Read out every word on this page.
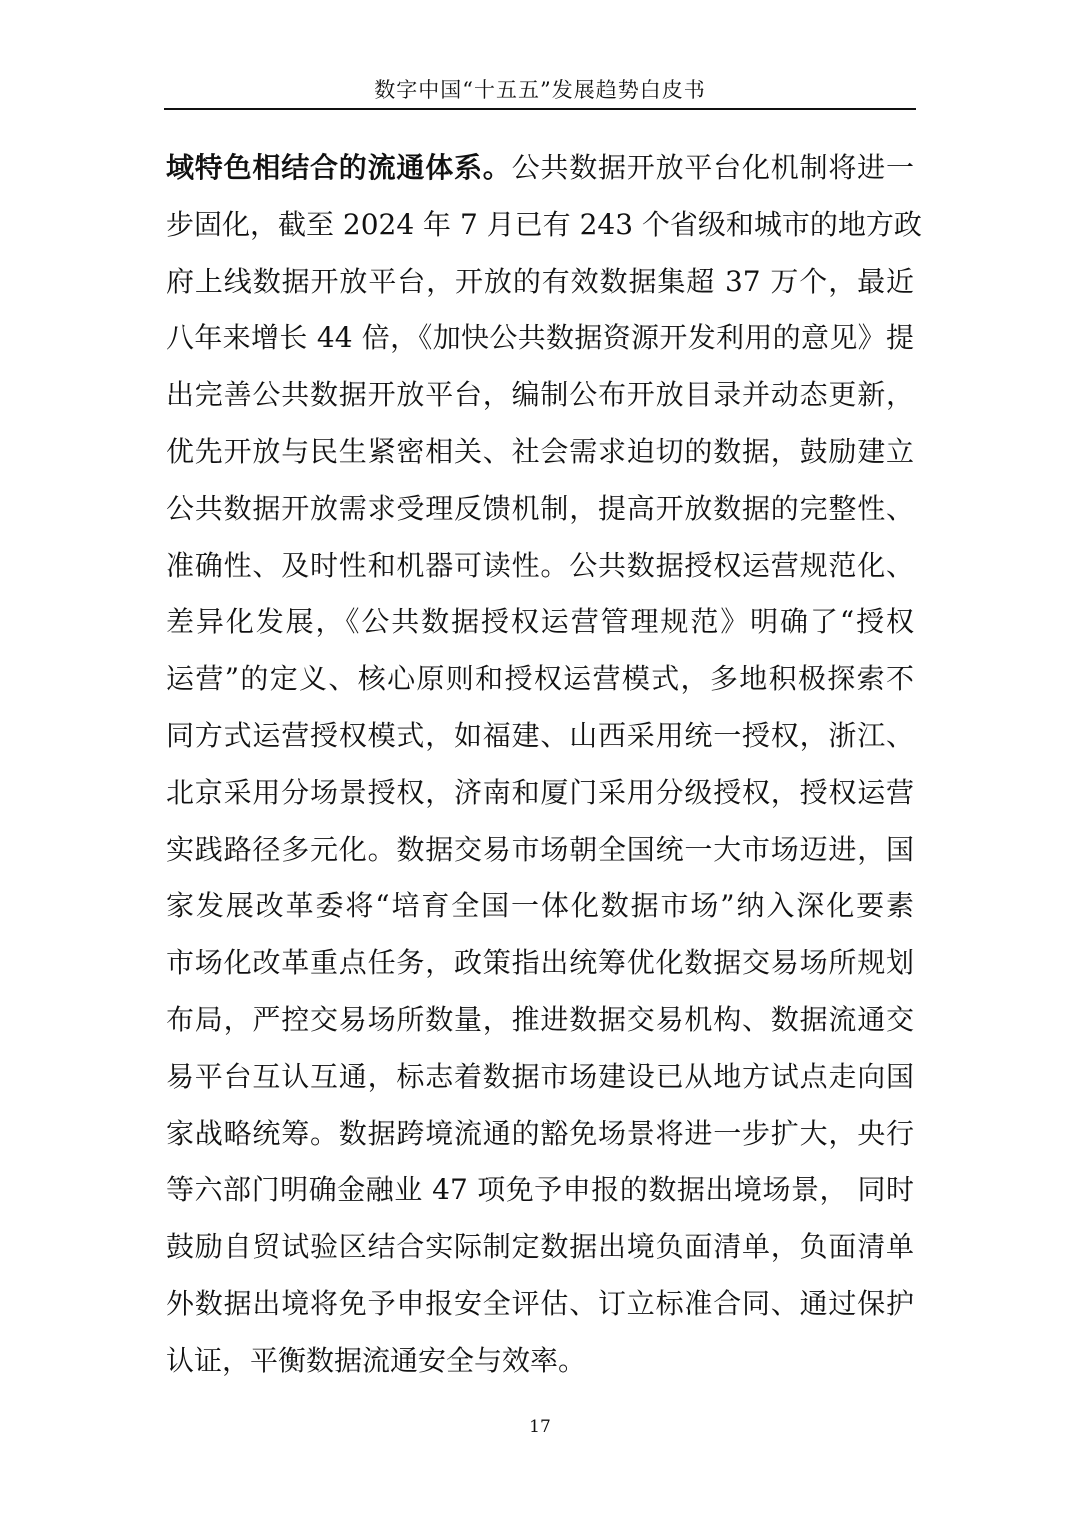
数字中国“十五五”发展趋势白皮书
域特色相结合的流通体系。公共数据开放平台化机制将进一
步固化，截至 2024 年 7 月已有 243 个省级和城市的地方政
府上线数据开放平台，开放的有效数据集超 37 万个，最近
八年来增长 44 倍，《加快公共数据资源开发利用的意见》提
出完善公共数据开放平台，编制公布开放目录并动态更新，
优先开放与民生紧密相关、社会需求迫切的数据，鼓励建立
公共数据开放需求受理反馈机制，提高开放数据的完整性、
准确性、及时性和机器可读性。公共数据授权运营规范化、
差异化发展，《公共数据授权运营管理规范》明确了“授权
运营”的定义、核心原则和授权运营模式，多地积极探索不
同方式运营授权模式，如福建、山西采用统一授权，浙江、
北京采用分场景授权，济南和厦门采用分级授权，授权运营
实践路径多元化。数据交易市场朝全国统一大市场迈进，国
家发展改革委将“培育全国一体化数据市场”纳入深化要素
市场化改革重点任务，政策指出统筹优化数据交易场所规划
布局，严控交易场所数量，推进数据交易机构、数据流通交
易平台互认互通，标志着数据市场建设已从地方试点走向国
家战略统筹。数据跨境流通的豁免场景将进一步扩大，央行
等六部门明确金融业 47 项免予申报的数据出境场景， 同时
鼓励自贸试验区结合实际制定数据出境负面清单，负面清单
外数据出境将免予申报安全评估、订立标准合同、通过保护
认证，平衡数据流通安全与效率。
17
